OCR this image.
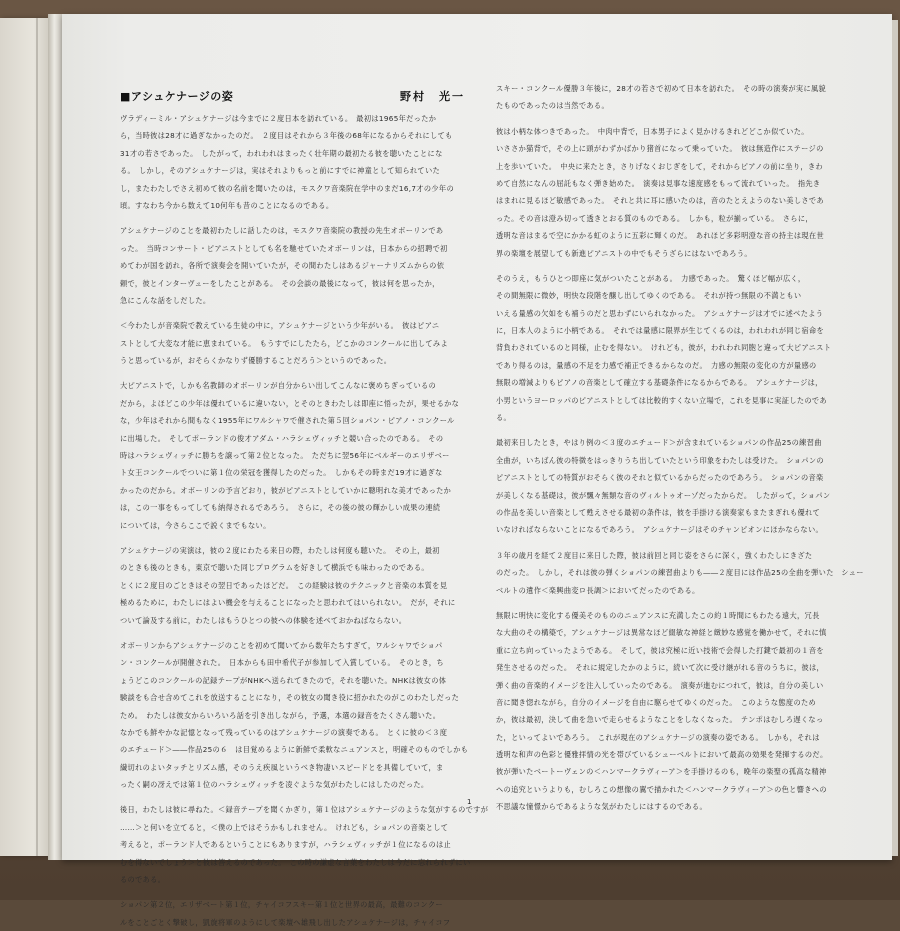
■アシュケナージの姿	野村　光一
ヴラディーミル・アシュケナージは今までに２度日本を訪れている。　最初は1965年だったか
ら，当時彼は28才に過ぎなかったのだ。　２度目はそれから３年後の68年になるからそれにしても
31才の若さであった。　したがって，われわれはまったく壮年期の最初たる彼を聴いたことにな
る。　しかし，そのアシュケナージは，実はそれよりもっと前にすでに神童として知られていた
し，またわたしでさえ初めて彼の名前を聞いたのは，モスクワ音楽院在学中のまだ16,7才の少年の
頃。すなわち今から数えて10何年も昔のことになるのである。
アシュケナージのことを最初わたしに話したのは，モスクワ音楽院の教授の先生オボーリンであ
った。　当時コンサート・ピアニストとしても名を馳せていたオボーリンは，日本からの招聘で初
めてわが国を訪れ，各所で演奏会を開いていたが，その間わたしはあるジャーナリズムからの依
頼で，彼とインターヴューをしたことがある。　その会談の最後になって，彼は何を思ったか，
急にこんな話をしだした。
＜今わたしが音楽院で教えている生徒の中に，アシュケナージという少年がいる。　彼はピアニ
ストとして大変な才能に恵まれている。　もうすでにしたたら，どこかのコンクールに出してみよ
うと思っているが，おそらくかなりず優勝することだろう＞というのであった。
大ピアニストで，しかも名教師のオボーリンが自分からい出してこんなに褒めちぎっているの
だから，よほどこの少年は優れているに違いない，とそのときわたしは即座に悟ったが，果せるかな
な，少年はそれから間もなく1955年にワルシャワで催された第５回ショパン・ピアノ・コンクール
に出場した。　そしてポーランドの俊才アダム・ハラシェヴィッチと競い合ったのである。　その
時はハラシェヴィッチに勝ちを譲って第２位となった。　ただちに翌56年にベルギーのエリザベー
ト女王コンクールでついに第１位の栄冠を獲得したのだった。　しかもその時まだ19才に過ぎな
かったのだから。オボーリンの予言どおり，彼がピアニストとしていかに聰明れな美才であったか
は，この一事をもってしても納得されるであろう。　さらに，その後の彼の輝かしい成果の連続
については，今さらここで説くまでもない。
アシュケナージの実演は，彼の２度にわたる来日の際，わたしは何度も聴いた。　その上，最初
のときも後のときも，東京で聴いた同じプログラムを好きして横浜でも味わったのである。
とくに２度目のごときはその翌日であったほどだ。　この経験は彼のテクニックと音楽の本質を見
極めるために，わたしにはよい機会を与えることになったと思われてはいられない。　だが，それに
ついて論及する前に，わたしはもうひとつの彼への体験を述べておかねばならない。
オボーリンからアシュケナージのことを初めて聞いてから数年たちすぎて，ワルシャワでショパ
ン・コンクールが開催された。　日本からも田中希代子が参加して入賞している。　そのとき，ち
ょうどこのコンクールの記録テープがNHKへ送られてきたので，それを聴いた。NHKは彼女の体
験談をも合せ含めてこれを放送することになり，その彼女の聞き役に招かれたのがこのわたしだった
ため。　わたしは彼女からいろいろ話を引き出しながら，予選，本選の録音をたくさん聴いた。
なかでも鮮やかな記憶となって残っているのはアシュケナージの演奏である。　とくに彼の＜３度
のエチュード＞――作品25の６　は目覚めるように新鮮で柔軟なニュアンスと，明確そのものでしかも
繊切れのよいタッチとリズム感，そのうえ疾風というべき物凄いスピードとを具備していて，ま
ったく嗣の冴えでは第１位のハラシェヴィッチを凌ぐような気がわたしにはしたのだった。
後日，わたしは彼に尋ねた。＜録音テープを聞くかぎり，第１位はアシュケナージのような気がするのですが
……＞と何いを立てると，＜僕の上ではそうかもしれません。　けれども，ショパンの音楽として
考えると，ポーランド人であるということにもありますが，ハラシェヴィッチが１位になるのは止
むを得ないでしょう＞と彼は答えるのであった。　この時の謙虚な言葉をわたしは今だに忘れられずにい
るのである。
ショパン第２位，エリザベート第１位，チャイコフスキー第１位と世界の最高，最難のコンクー
ルをことごとく撃破し，凱旋将軍のようにして楽壇へ雄飛し出したアシュケナージは，チャイコフ
スキー・コンクール優勝３年後に，28才の若さで初めて日本を訪れた。　その時の演奏が実に風貌
たものであったのは当然である。
彼は小柄な体つきであった。　中肉中背で，日本男子によく見かけるきれどどこか似ていた。
いささか猫背で，その上に頭がわずかばかり猪首になって乗っていた。　彼は無造作にステージの
上を歩いていた。　中央に来たとき，さりげなくおじぎをして，それからピアノの前に坐り，きわ
めて自然になんの屈託もなく弾き始めた。　演奏は見事な速度感をもって流れていった。　指先き
はまれに見るほど敏感であった。　それと共に耳に感いたのは，音のたとえようのない美しさであ
った。その音は澄み切って透きとおる質のものである。　しかも，粒が揃っている。　さらに，
透明な音はまるで空にかかる虹のように五彩に輝くのだ。　あれほど多彩明澄な音の持主は現在世
界の楽壇を展望しても新進ピアニストの中でもそうざらにはないであろう。
そのうえ，もうひとつ即座に気がついたことがある。　力感であった。　驚くほど幅が広く，
その間無限に微妙，明快な段階を醸し出してゆくのである。　それが持つ無限の不満ともい
いえる量感の欠如をも補うのだと思わずにいられなかった。　アシュケナージは才でに述べたよう
に，日本人のように小柄である。　それでは量感に限界が生じてくるのは，われわれが同じ宿命を
背負わされているのと同様，止むを得ない。　けれども，彼が，われわれ同胞と違って大ピアニスト
であり得るのは，量感の不足を力感で補正できるからなのだ。　力感の無限の変化の方が量感の
無限の増減よりもピアノの音楽として確立する基礎条件になるからである。　アシュケナージは，
小男というヨーロッパのピアニストとしては比較的すくない立場で，これを見事に実証したのであ
る。
最初来日したとき，やはり例の＜３度のエチュード＞が含まれているショパンの作品25の練習曲
全曲が，いちばん彼の特徴をはっきりうち出していたという印象をわたしは受けた。　ショパンの
ピアニストとしての特質がおそらく彼のそれと似ているからだったのであろう。　ショパンの音楽
が美しくなる基礎は，彼が飄々無類な音のヴィルトゥオーゾだったからだ。　したがって，ショパン
の作品を美しい音楽として甦えさせる最初の条件は，彼を手掛ける演奏家もまたまぎれも優れて
いなければならないことになるであろう。　アシュケナージはそのチャンピオンにほかならない。
３年の歳月を経て２度目に来日した際，彼は前回と同じ姿をさらに深く，強くわたしにきざた
のだった。　しかし，それは彼の弾くショパンの練習曲よりも――２度目には作品25の全曲を弾いた　シュー
ベルトの遺作＜楽興曲変ロ長調＞においてだったのである。
無限に明快に変化する優美そのもののニュアンスに充満したこの約１時間にもわたる遠大，冗長
な大曲のその構築で，アシュケナージは異常なほど綴敏な神経と緻妙な感覚を働かせて，それに慎
重に立ち向っていったようである。　そして，彼は究極に近い技術で会得した打鍵で最初の１音を
発生させるのだった。　それに規定したかのように，続いて次に受け継がれる音のうちに，彼は，
弾く曲の音楽的イメージを注入していったのである。　演奏が進むにつれて，彼は，自分の美しい
音に聞き惚れながら，自分のイメージを自由に駆らせてゆくのだった。　このような態度のため
か，彼は最初，決して曲を急いで走らせるようなことをしなくなった。　テンポはむしろ遅くなっ
た，といってよいであろう。　これが現在のアシュケナージの演奏の姿である。　しかも，それは
透明な和声の色彩と優雅拝情の光を帯びているシューベルトにおいて最高の効果を発揮するのだ。
彼が弾いたベートーヴェンの＜ハンマークラヴィーア＞を手掛けるのも，晩年の楽聖の孤高な精神
への追究というよりも，むしろこの想像の翼で描かれた＜ハンマークラヴィーア＞の色と響きへの
不思議な憧憬からであるような気がわたしにはするのである。
1
